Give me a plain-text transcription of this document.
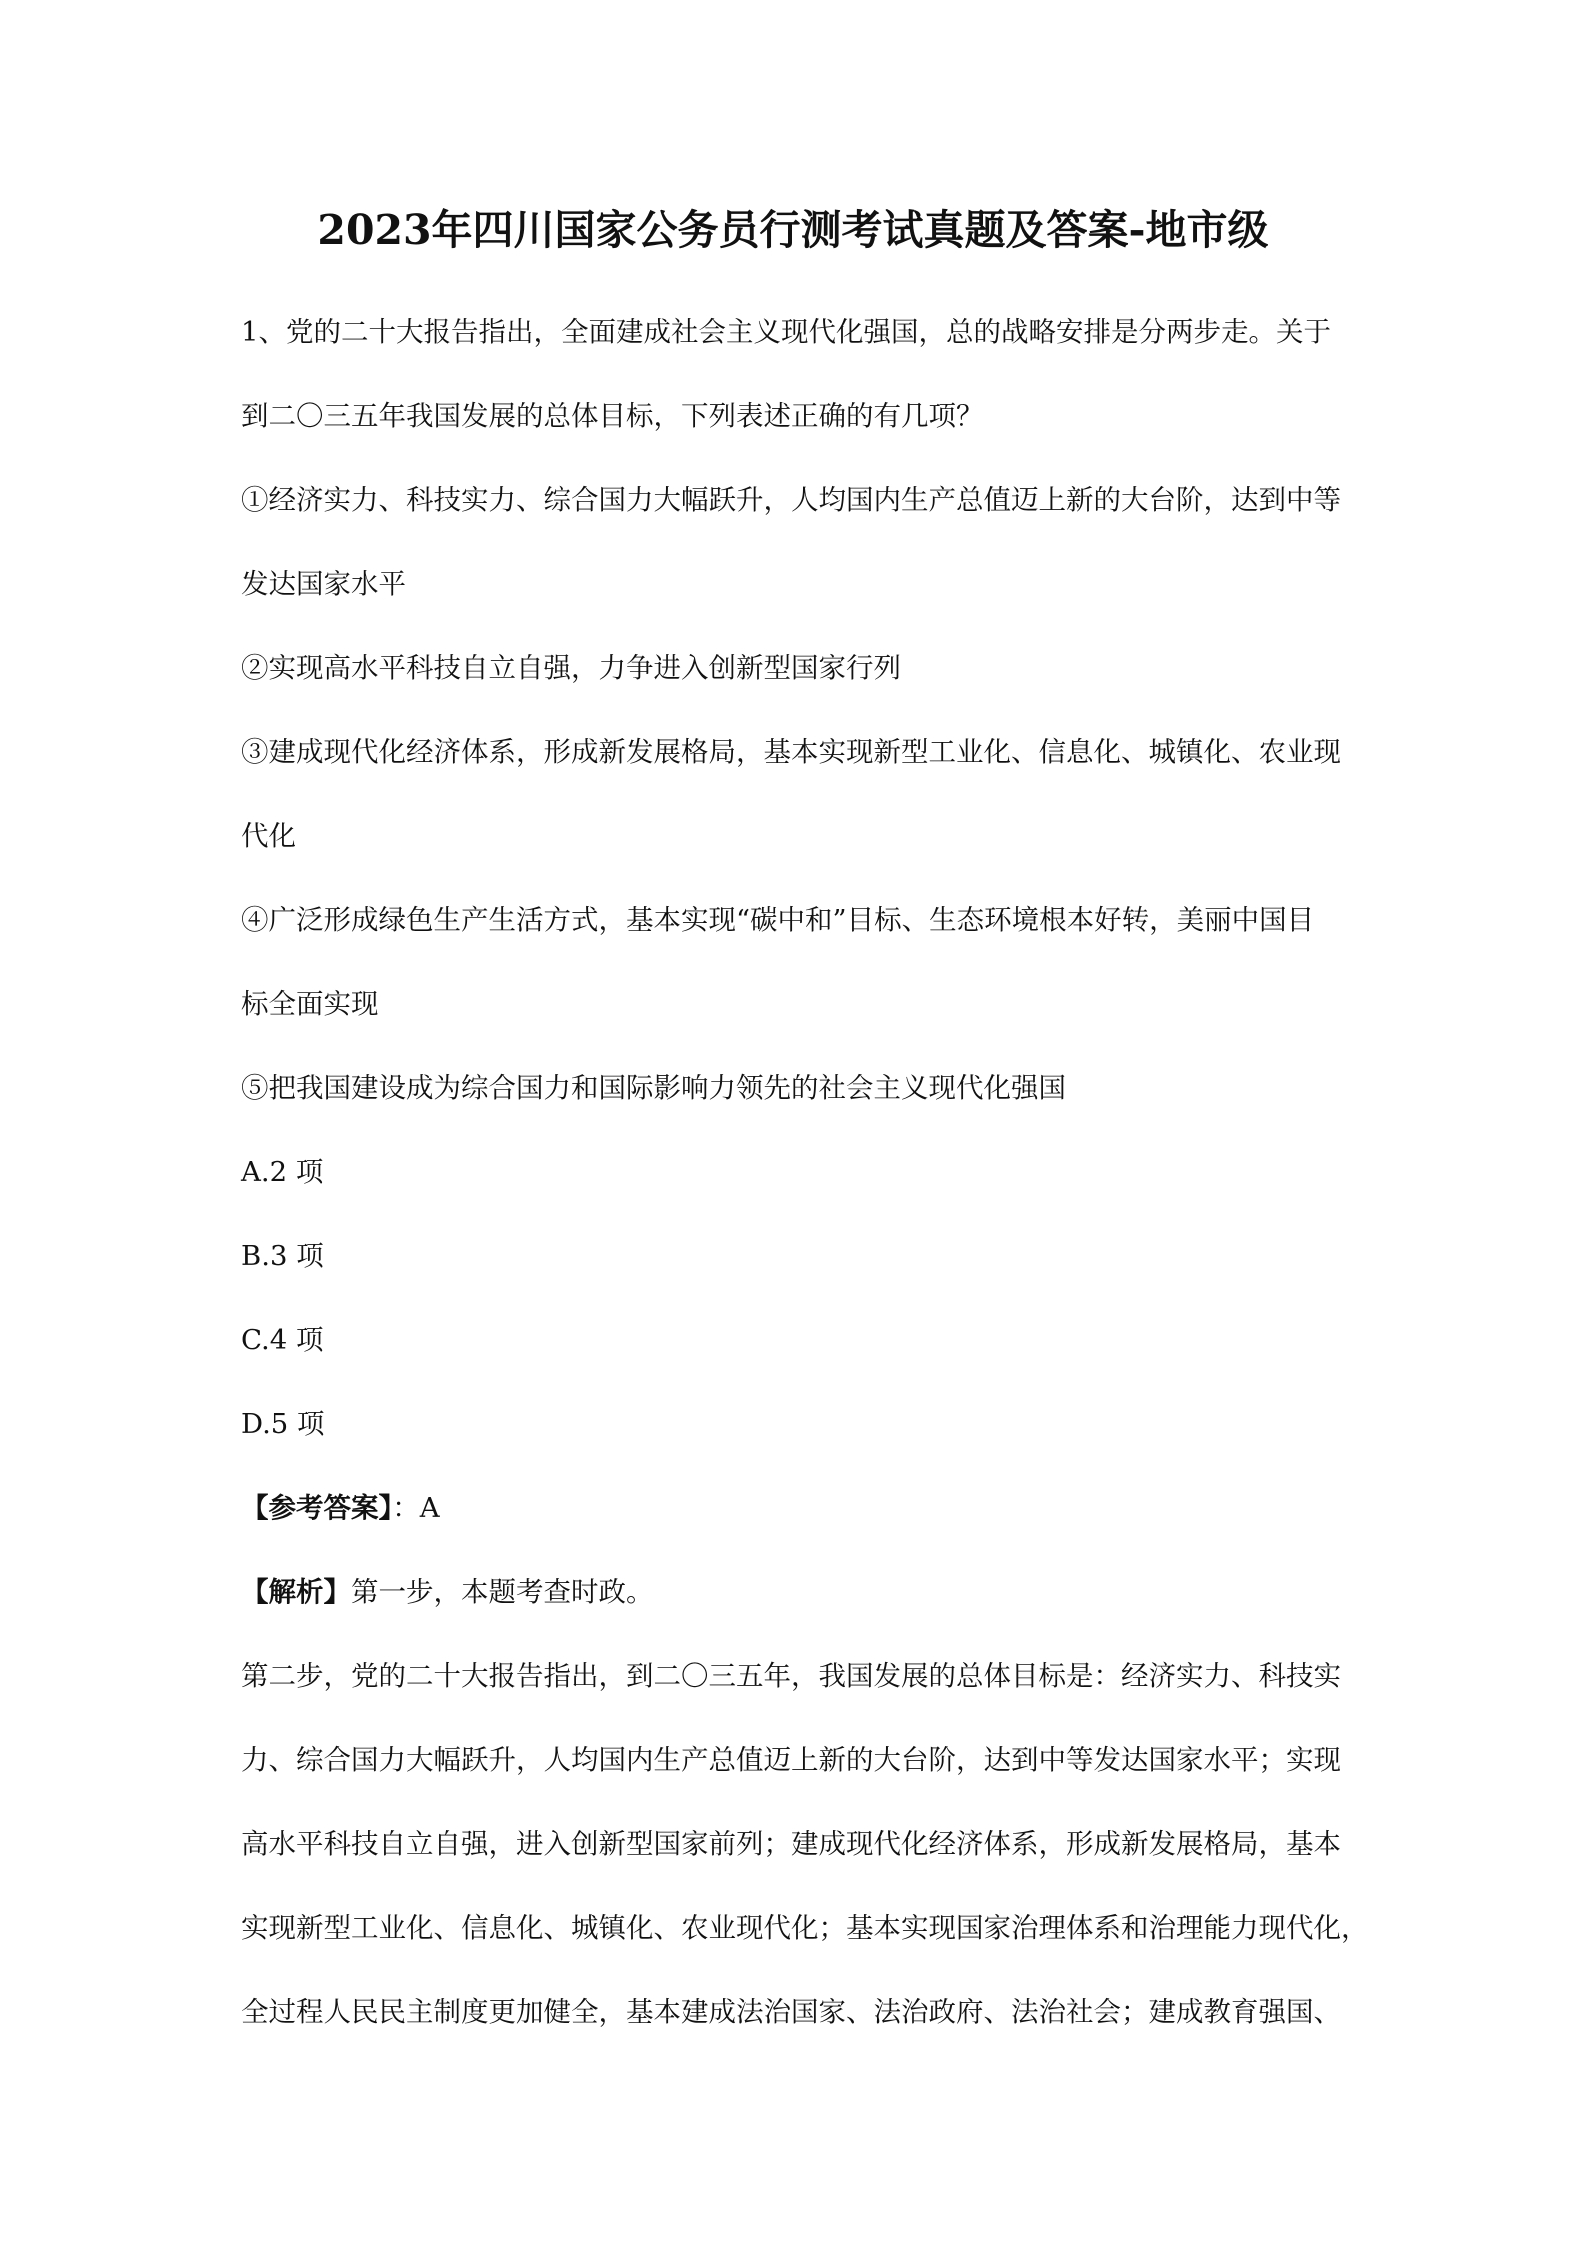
2023年四川国家公务员行测考试真题及答案-地市级

1、党的二十大报告指出，全面建成社会主义现代化强国，总的战略安排是分两步走。关于

到二〇三五年我国发展的总体目标，下列表述正确的有几项？

①经济实力、科技实力、综合国力大幅跃升，人均国内生产总值迈上新的大台阶，达到中等

发达国家水平

②实现高水平科技自立自强，力争进入创新型国家行列

③建成现代化经济体系，形成新发展格局，基本实现新型工业化、信息化、城镇化、农业现

代化

④广泛形成绿色生产生活方式，基本实现“碳中和”目标、生态环境根本好转，美丽中国目

标全面实现

⑤把我国建设成为综合国力和国际影响力领先的社会主义现代化强国

A.2 项

B.3 项

C.4 项

D.5 项

【参考答案】：A

【解析】第一步，本题考查时政。

第二步，党的二十大报告指出，到二〇三五年，我国发展的总体目标是：经济实力、科技实

力、综合国力大幅跃升，人均国内生产总值迈上新的大台阶，达到中等发达国家水平；实现

高水平科技自立自强，进入创新型国家前列；建成现代化经济体系，形成新发展格局，基本

实现新型工业化、信息化、城镇化、农业现代化；基本实现国家治理体系和治理能力现代化，

全过程人民民主制度更加健全，基本建成法治国家、法治政府、法治社会；建成教育强国、
